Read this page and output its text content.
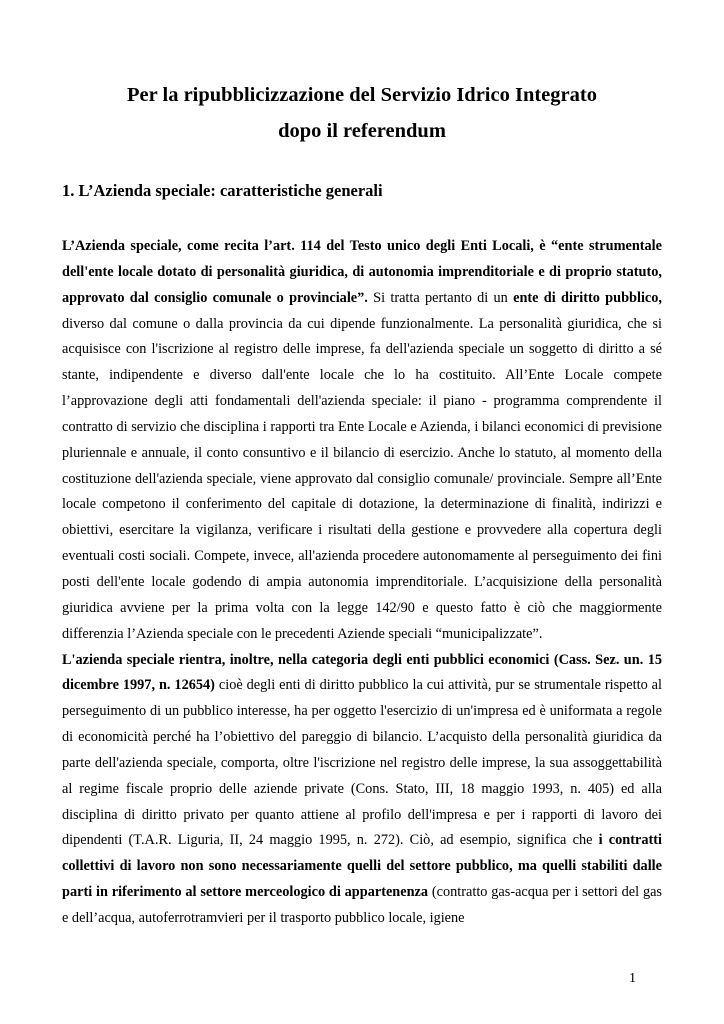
Per la ripubblicizzazione del Servizio Idrico Integrato
dopo il referendum
1. L’Azienda speciale: caratteristiche generali

L’Azienda speciale, come recita l’art. 114 del Testo unico degli Enti Locali, è “ente strumentale dell'ente locale dotato di personalità giuridica, di autonomia imprenditoriale e di proprio statuto, approvato dal consiglio comunale o provinciale”. Si tratta pertanto di un ente di diritto pubblico, diverso dal comune o dalla provincia da cui dipende funzionalmente. La personalità giuridica, che si acquisisce con l'iscrizione al registro delle imprese, fa dell'azienda speciale un soggetto di diritto a sé stante, indipendente e diverso dall'ente locale che lo ha costituito. All’Ente Locale compete l’approvazione degli atti fondamentali dell'azienda speciale: il piano - programma comprendente il contratto di servizio che disciplina i rapporti tra Ente Locale e Azienda, i bilanci economici di previsione pluriennale e annuale, il conto consuntivo e il bilancio di esercizio. Anche lo statuto, al momento della costituzione dell'azienda speciale, viene approvato dal consiglio comunale/ provinciale. Sempre all’Ente locale competono il conferimento del capitale di dotazione, la determinazione di finalità, indirizzi e obiettivi, esercitare la vigilanza, verificare i risultati della gestione e provvedere alla copertura degli eventuali costi sociali. Compete, invece, all'azienda procedere autonomamente al perseguimento dei fini posti dell'ente locale godendo di ampia autonomia imprenditoriale. L’acquisizione della personalità giuridica avviene per la prima volta con la legge 142/90 e questo fatto è ciò che maggiormente differenzia l’Azienda speciale con le precedenti Aziende speciali “municipalizzate”.

L'azienda speciale rientra, inoltre, nella categoria degli enti pubblici economici (Cass. Sez. un. 15 dicembre 1997, n. 12654) cioè degli enti di diritto pubblico la cui attività, pur se strumentale rispetto al perseguimento di un pubblico interesse, ha per oggetto l'esercizio di un'impresa ed è uniformata a regole di economicità perché ha l’obiettivo del pareggio di bilancio. L’acquisto della personalità giuridica da parte dell'azienda speciale, comporta, oltre l'iscrizione nel registro delle imprese, la sua assoggettabilità al regime fiscale proprio delle aziende private (Cons. Stato, III, 18 maggio 1993, n. 405) ed alla disciplina di diritto privato per quanto attiene al profilo dell'impresa e per i rapporti di lavoro dei dipendenti (T.A.R. Liguria, II, 24 maggio 1995, n. 272). Ciò, ad esempio, significa che i contratti collettivi di lavoro non sono necessariamente quelli del settore pubblico, ma quelli stabiliti dalle parti in riferimento al settore merceologico di appartenenza (contratto gas-acqua per i settori del gas e dell’acqua, autoferrotramvieri per il trasporto pubblico locale, igiene

1
